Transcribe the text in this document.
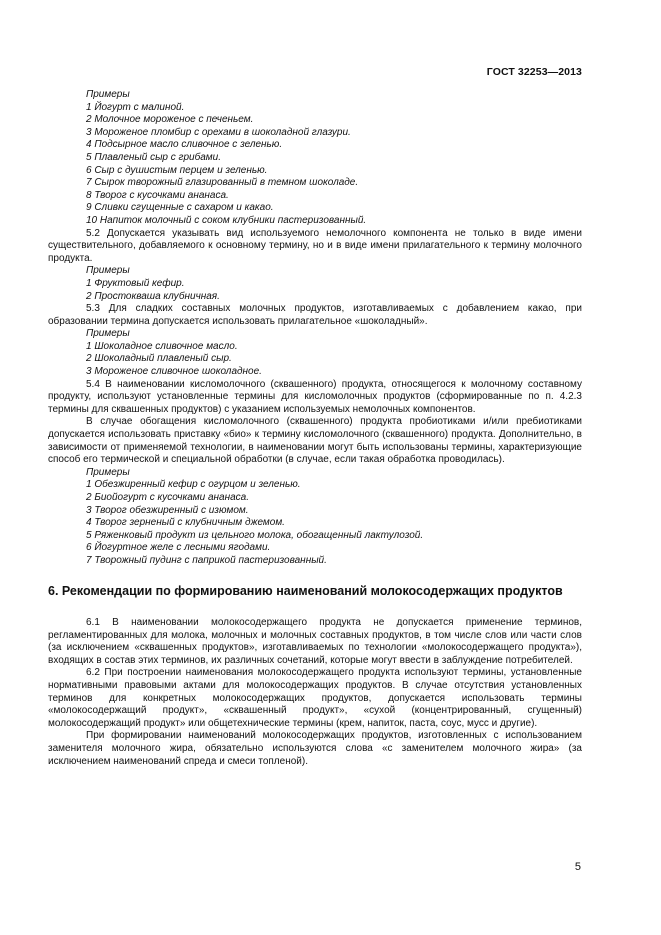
ГОСТ 32253—2013
Примеры
1 Йогурт с малиной.
2 Молочное мороженое с печеньем.
3 Мороженое пломбир с орехами в шоколадной глазури.
4 Подсырное масло сливочное с зеленью.
5 Плавленый сыр с грибами.
6 Сыр с душистым перцем и зеленью.
7 Сырок творожный глазированный в темном шоколаде.
8 Творог с кусочками ананаса.
9 Сливки сгущенные с сахаром и какао.
10 Напиток молочный с соком клубники пастеризованный.

5.2 Допускается указывать вид используемого немолочного компонента не только в виде имени существительного, добавляемого к основному термину, но и в виде имени прилагательного к термину молочного продукта.

Примеры
1 Фруктовый кефир.
2 Простокваша клубничная.

5.3 Для сладких составных молочных продуктов, изготавливаемых с добавлением какао, при образовании термина допускается использовать прилагательное «шоколадный».

Примеры
1 Шоколадное сливочное масло.
2 Шоколадный плавленый сыр.
3 Мороженое сливочное шоколадное.

5.4 В наименовании кисломолочного (сквашенного) продукта, относящегося к молочному составному продукту, используют установленные термины для кисломолочных продуктов (сформированные по п. 4.2.3 термины для сквашенных продуктов) с указанием используемых немолочных компонентов.

В случае обогащения кисломолочного (сквашенного) продукта пробиотиками и/или пребиотиками допускается использовать приставку «био» к термину кисломолочного (сквашенного) продукта. Дополнительно, в зависимости от применяемой технологии, в наименовании могут быть использованы термины, характеризующие способ его термической и специальной обработки (в случае, если такая обработка проводилась).

Примеры
1 Обезжиренный кефир с огурцом и зеленью.
2 Биойогурт с кусочками ананаса.
3 Творог обезжиренный с изюмом.
4 Творог зерненый с клубничным джемом.
5 Ряженковый продукт из цельного молока, обогащенный лактулозой.
6 Йогуртное желе с лесными ягодами.
7 Творожный пудинг с паприкой пастеризованный.
6. Рекомендации по формированию наименований молокосодержащих продуктов

6.1 В наименовании молокосодержащего продукта не допускается применение терминов, регламентированных для молока, молочных и молочных составных продуктов, в том числе слов или части слов (за исключением «сквашенных продуктов», изготавливаемых по технологии «молокосодержащего продукта»), входящих в состав этих терминов, их различных сочетаний, которые могут ввести в заблуждение потребителей.

6.2 При построении наименования молокосодержащего продукта используют термины, установленные нормативными правовыми актами для молокосодержащих продуктов. В случае отсутствия установленных терминов для конкретных молокосодержащих продуктов, допускается использовать термины «молокосодержащий продукт», «сквашенный продукт», «сухой (концентрированный, сгущенный) молокосодержащий продукт» или общетехнические термины (крем, напиток, паста, соус, мусс и другие).

При формировании наименований молокосодержащих продуктов, изготовленных с использованием заменителя молочного жира, обязательно используются слова «с заменителем молочного жира» (за исключением наименований спреда и смеси топленой).

5
